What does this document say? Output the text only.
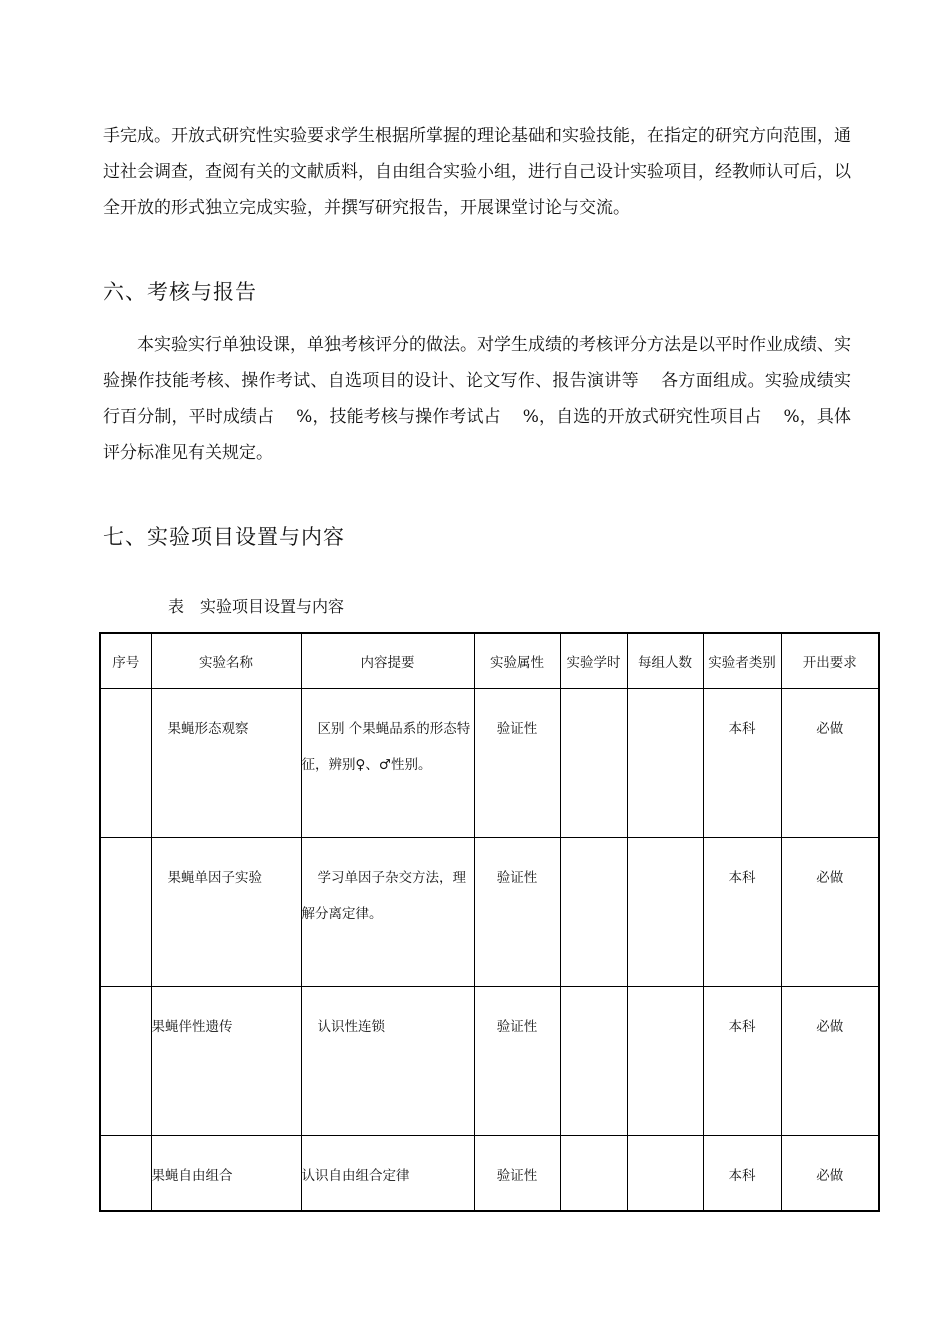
手完成。开放式研究性实验要求学生根据所掌握的理论基础和实验技能，在指定的研究方向范围，通过社会调查，查阅有关的文献质料，自由组合实验小组，进行自己设计实验项目，经教师认可后，以全开放的形式独立完成实验，并撰写研究报告，开展课堂讨论与交流。

六、考核与报告

本实验实行单独设课，单独考核评分的做法。对学生成绩的考核评分方法是以平时作业成绩、实验操作技能考核、操作考试、自选项目的设计、论文写作、报告演讲等 各方面组成。实验成绩实行百分制，平时成绩占 %，技能考核与操作考试占 %，自选的开放式研究性项目占 %，具体评分标准见有关规定。

七、实验项目设置与内容

表　实验项目设置与内容

序号	实验名称	内容提要	实验属性	实验学时	每组人数	实验者类别	开出要求
	果蝇形态观察	区别 个果蝇品系的形态特征，辨别♀、♂性别。	验证性			本科	必做
	果蝇单因子实验	学习单因子杂交方法，理解分离定律。	验证性			本科	必做
	果蝇伴性遗传	认识性连锁	验证性			本科	必做
	果蝇自由组合	认识自由组合定律	验证性			本科	必做
